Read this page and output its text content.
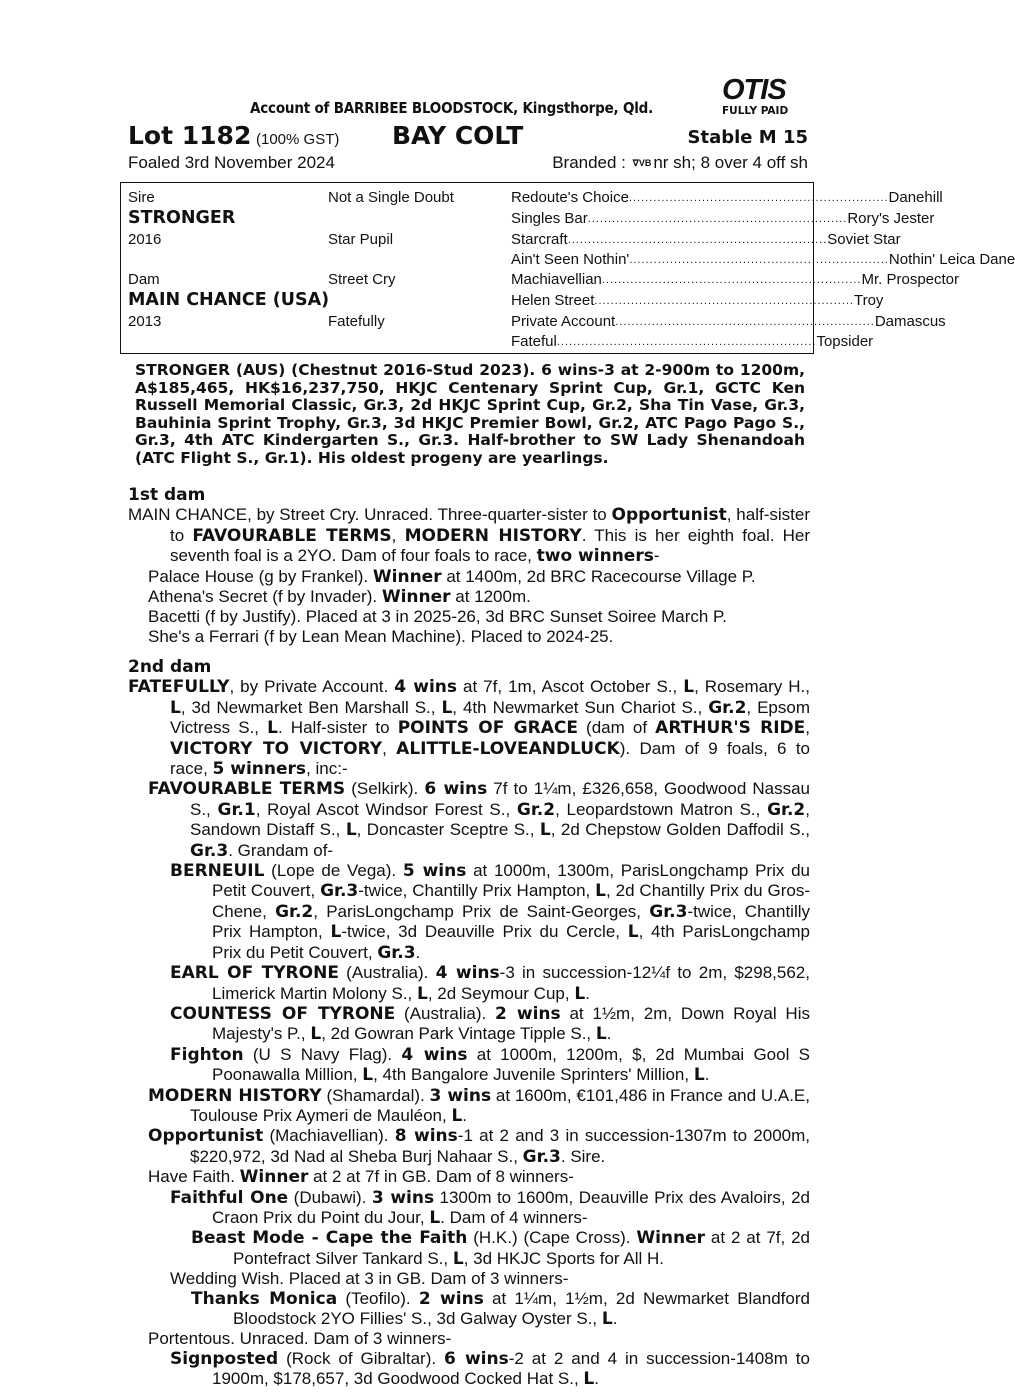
Account of BARRIBEE BLOODSTOCK, Kingsthorpe, Qld.
OTIS
FULLY PAID
Lot 1182 (100% GST) BAY COLT	Stable M 15
Foaled 3rd November 2024	Branded : ᐁVB nr sh; 8 over 4 off sh
Sire
STRONGER
2016
Not a Single Doubt
Star Pupil
Dam
MAIN CHANCE (USA)
2013
Street Cry
Fatefully
Redoute's Choice ................................................................ Danehill
Singles Bar ................................................................ Rory's Jester
Starcraft ................................................................ Soviet Star
Ain't Seen Nothin' ................................................................ Nothin' Leica Dane
Machiavellian ................................................................ Mr. Prospector
Helen Street ................................................................ Troy
Private Account ................................................................ Damascus
Fateful ................................................................ Topsider
STRONGER (AUS) (Chestnut 2016-Stud 2023). 6 wins-3 at 2-900m to 1200m, A$185,465, HK$16,237,750, HKJC Centenary Sprint Cup, Gr.1, GCTC Ken Russell Memorial Classic, Gr.3, 2d HKJC Sprint Cup, Gr.2, Sha Tin Vase, Gr.3, Bauhinia Sprint Trophy, Gr.3, 3d HKJC Premier Bowl, Gr.2, ATC Pago Pago S., Gr.3, 4th ATC Kindergarten S., Gr.3. Half-brother to SW Lady Shenandoah (ATC Flight S., Gr.1). His oldest progeny are yearlings.
1st dam
MAIN CHANCE, by Street Cry. Unraced. Three-quarter-sister to Opportunist, half-sister to FAVOURABLE TERMS, MODERN HISTORY. This is her eighth foal. Her seventh foal is a 2YO. Dam of four foals to race, two winners-
Palace House (g by Frankel). Winner at 1400m, 2d BRC Racecourse Village P.
Athena's Secret (f by Invader). Winner at 1200m.
Bacetti (f by Justify). Placed at 3 in 2025-26, 3d BRC Sunset Soiree March P.
She's a Ferrari (f by Lean Mean Machine). Placed to 2024-25.
2nd dam
FATEFULLY, by Private Account. 4 wins at 7f, 1m, Ascot October S., L, Rosemary H., L, 3d Newmarket Ben Marshall S., L, 4th Newmarket Sun Chariot S., Gr.2, Epsom Victress S., L. Half-sister to POINTS OF GRACE (dam of ARTHUR'S RIDE, VICTORY TO VICTORY, ALITTLE-LOVEANDLUCK). Dam of 9 foals, 6 to race, 5 winners, inc:-
FAVOURABLE TERMS (Selkirk). 6 wins 7f to 1¼m, £326,658, Goodwood Nassau S., Gr.1, Royal Ascot Windsor Forest S., Gr.2, Leopardstown Matron S., Gr.2, Sandown Distaff S., L, Doncaster Sceptre S., L, 2d Chepstow Golden Daffodil S., Gr.3. Grandam of-
BERNEUIL (Lope de Vega). 5 wins at 1000m, 1300m, ParisLongchamp Prix du Petit Couvert, Gr.3-twice, Chantilly Prix Hampton, L, 2d Chantilly Prix du Gros-Chene, Gr.2, ParisLongchamp Prix de Saint-Georges, Gr.3-twice, Chantilly Prix Hampton, L-twice, 3d Deauville Prix du Cercle, L, 4th ParisLongchamp Prix du Petit Couvert, Gr.3.
EARL OF TYRONE (Australia). 4 wins-3 in succession-12¼f to 2m, $298,562, Limerick Martin Molony S., L, 2d Seymour Cup, L.
COUNTESS OF TYRONE (Australia). 2 wins at 1½m, 2m, Down Royal His Majesty's P., L, 2d Gowran Park Vintage Tipple S., L.
Fighton (U S Navy Flag). 4 wins at 1000m, 1200m, $, 2d Mumbai Gool S Poonawalla Million, L, 4th Bangalore Juvenile Sprinters' Million, L.
MODERN HISTORY (Shamardal). 3 wins at 1600m, €101,486 in France and U.A.E, Toulouse Prix Aymeri de Mauléon, L.
Opportunist (Machiavellian). 8 wins-1 at 2 and 3 in succession-1307m to 2000m, $220,972, 3d Nad al Sheba Burj Nahaar S., Gr.3. Sire.
Have Faith. Winner at 2 at 7f in GB. Dam of 8 winners-
Faithful One (Dubawi). 3 wins 1300m to 1600m, Deauville Prix des Avaloirs, 2d Craon Prix du Point du Jour, L. Dam of 4 winners-
Beast Mode - Cape the Faith (H.K.) (Cape Cross). Winner at 2 at 7f, 2d Pontefract Silver Tankard S., L, 3d HKJC Sports for All H.
Wedding Wish. Placed at 3 in GB. Dam of 3 winners-
Thanks Monica (Teofilo). 2 wins at 1¼m, 1½m, 2d Newmarket Blandford Bloodstock 2YO Fillies' S., 3d Galway Oyster S., L.
Portentous. Unraced. Dam of 3 winners-
Signposted (Rock of Gibraltar). 6 wins-2 at 2 and 4 in succession-1408m to 1900m, $178,657, 3d Goodwood Cocked Hat S., L.
